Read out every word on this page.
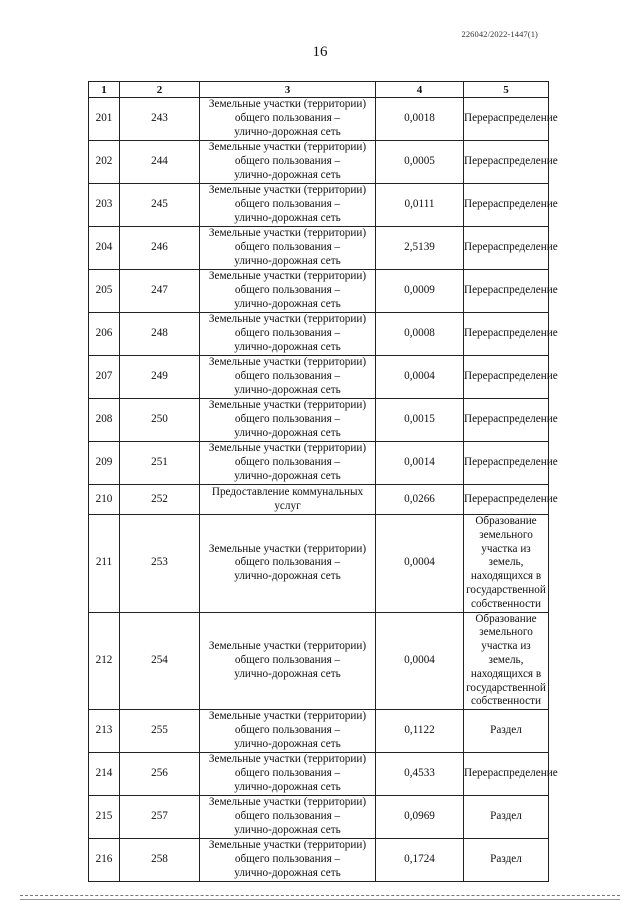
226042/2022-1447(1)
16
1	2	3	4	5
201	243	Земельные участки (территории)
общего пользования –
улично-дорожная сеть	0,0018	Перераспределение
202	244	Земельные участки (территории)
общего пользования –
улично-дорожная сеть	0,0005	Перераспределение
203	245	Земельные участки (территории)
общего пользования –
улично-дорожная сеть	0,0111	Перераспределение
204	246	Земельные участки (территории)
общего пользования –
улично-дорожная сеть	2,5139	Перераспределение
205	247	Земельные участки (территории)
общего пользования –
улично-дорожная сеть	0,0009	Перераспределение
206	248	Земельные участки (территории)
общего пользования –
улично-дорожная сеть	0,0008	Перераспределение
207	249	Земельные участки (территории)
общего пользования –
улично-дорожная сеть	0,0004	Перераспределение
208	250	Земельные участки (территории)
общего пользования –
улично-дорожная сеть	0,0015	Перераспределение
209	251	Земельные участки (территории)
общего пользования –
улично-дорожная сеть	0,0014	Перераспределение
210	252	Предоставление коммунальных
услуг	0,0266	Перераспределение
211	253	Земельные участки (территории)
общего пользования –
улично-дорожная сеть	0,0004	Образование земельного
участка из земель,
находящихся в
государственной
собственности
212	254	Земельные участки (территории)
общего пользования –
улично-дорожная сеть	0,0004	Образование земельного
участка из земель,
находящихся в
государственной
собственности
213	255	Земельные участки (территории)
общего пользования –
улично-дорожная сеть	0,1122	Раздел
214	256	Земельные участки (территории)
общего пользования –
улично-дорожная сеть	0,4533	Перераспределение
215	257	Земельные участки (территории)
общего пользования –
улично-дорожная сеть	0,0969	Раздел
216	258	Земельные участки (территории)
общего пользования –
улично-дорожная сеть	0,1724	Раздел
